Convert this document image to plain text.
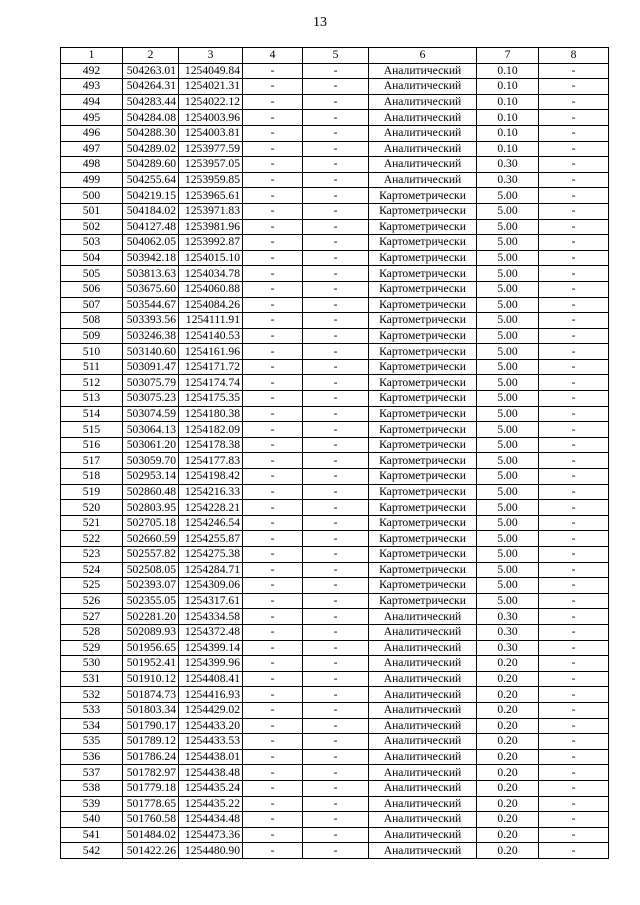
13
1	2	3	4	5	6	7	8
492	504263.01	1254049.84	-	-	Аналитический	0.10	-
493	504264.31	1254021.31	-	-	Аналитический	0.10	-
494	504283.44	1254022.12	-	-	Аналитический	0.10	-
495	504284.08	1254003.96	-	-	Аналитический	0.10	-
496	504288.30	1254003.81	-	-	Аналитический	0.10	-
497	504289.02	1253977.59	-	-	Аналитический	0.10	-
498	504289.60	1253957.05	-	-	Аналитический	0.30	-
499	504255.64	1253959.85	-	-	Аналитический	0.30	-
500	504219.15	1253965.61	-	-	Картометрически	5.00	-
501	504184.02	1253971.83	-	-	Картометрически	5.00	-
502	504127.48	1253981.96	-	-	Картометрически	5.00	-
503	504062.05	1253992.87	-	-	Картометрически	5.00	-
504	503942.18	1254015.10	-	-	Картометрически	5.00	-
505	503813.63	1254034.78	-	-	Картометрически	5.00	-
506	503675.60	1254060.88	-	-	Картометрически	5.00	-
507	503544.67	1254084.26	-	-	Картометрически	5.00	-
508	503393.56	1254111.91	-	-	Картометрически	5.00	-
509	503246.38	1254140.53	-	-	Картометрически	5.00	-
510	503140.60	1254161.96	-	-	Картометрически	5.00	-
511	503091.47	1254171.72	-	-	Картометрически	5.00	-
512	503075.79	1254174.74	-	-	Картометрически	5.00	-
513	503075.23	1254175.35	-	-	Картометрически	5.00	-
514	503074.59	1254180.38	-	-	Картометрически	5.00	-
515	503064.13	1254182.09	-	-	Картометрически	5.00	-
516	503061.20	1254178.38	-	-	Картометрически	5.00	-
517	503059.70	1254177.83	-	-	Картометрически	5.00	-
518	502953.14	1254198.42	-	-	Картометрически	5.00	-
519	502860.48	1254216.33	-	-	Картометрически	5.00	-
520	502803.95	1254228.21	-	-	Картометрически	5.00	-
521	502705.18	1254246.54	-	-	Картометрически	5.00	-
522	502660.59	1254255.87	-	-	Картометрически	5.00	-
523	502557.82	1254275.38	-	-	Картометрически	5.00	-
524	502508.05	1254284.71	-	-	Картометрически	5.00	-
525	502393.07	1254309.06	-	-	Картометрически	5.00	-
526	502355.05	1254317.61	-	-	Картометрически	5.00	-
527	502281.20	1254334.58	-	-	Аналитический	0.30	-
528	502089.93	1254372.48	-	-	Аналитический	0.30	-
529	501956.65	1254399.14	-	-	Аналитический	0.30	-
530	501952.41	1254399.96	-	-	Аналитический	0.20	-
531	501910.12	1254408.41	-	-	Аналитический	0.20	-
532	501874.73	1254416.93	-	-	Аналитический	0.20	-
533	501803.34	1254429.02	-	-	Аналитический	0.20	-
534	501790.17	1254433.20	-	-	Аналитический	0.20	-
535	501789.12	1254433.53	-	-	Аналитический	0.20	-
536	501786.24	1254438.01	-	-	Аналитический	0.20	-
537	501782.97	1254438.48	-	-	Аналитический	0.20	-
538	501779.18	1254435.24	-	-	Аналитический	0.20	-
539	501778.65	1254435.22	-	-	Аналитический	0.20	-
540	501760.58	1254434.48	-	-	Аналитический	0.20	-
541	501484.02	1254473.36	-	-	Аналитический	0.20	-
542	501422.26	1254480.90	-	-	Аналитический	0.20	-
